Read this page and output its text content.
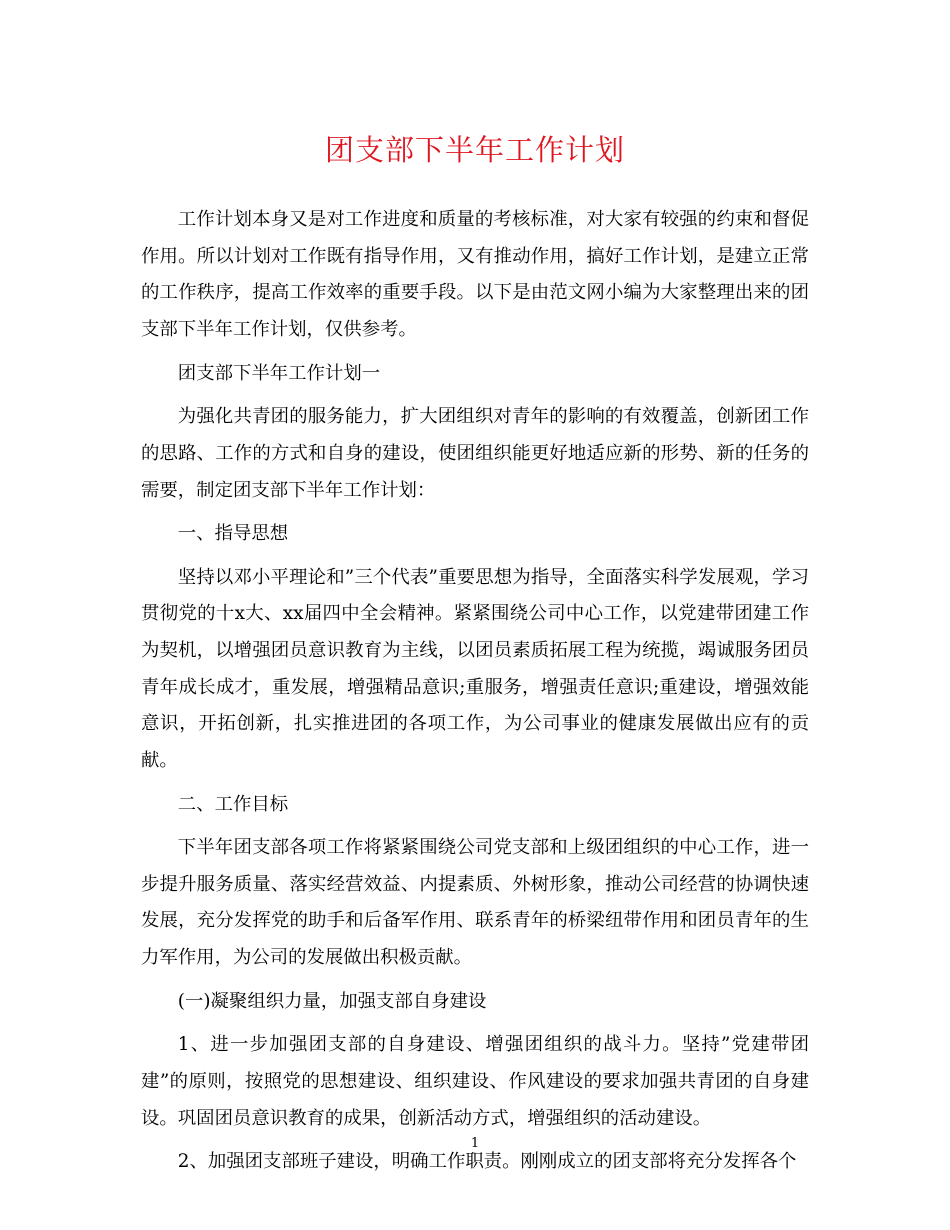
团支部下半年工作计划

工作计划本身又是对工作进度和质量的考核标准，对大家有较强的约束和督促作用。所以计划对工作既有指导作用，又有推动作用，搞好工作计划，是建立正常的工作秩序，提高工作效率的重要手段。以下是由范文网小编为大家整理出来的团支部下半年工作计划，仅供参考。

团支部下半年工作计划一

为强化共青团的服务能力，扩大团组织对青年的影响的有效覆盖，创新团工作的思路、工作的方式和自身的建设，使团组织能更好地适应新的形势、新的任务的需要，制定团支部下半年工作计划：

一、指导思想

坚持以邓小平理论和”三个代表”重要思想为指导，全面落实科学发展观，学习贯彻党的十x大、xx届四中全会精神。紧紧围绕公司中心工作，以党建带团建工作为契机，以增强团员意识教育为主线，以团员素质拓展工程为统揽，竭诚服务团员青年成长成才，重发展，增强精品意识;重服务，增强责任意识;重建设，增强效能意识，开拓创新，扎实推进团的各项工作，为公司事业的健康发展做出应有的贡献。

二、工作目标

下半年团支部各项工作将紧紧围绕公司党支部和上级团组织的中心工作，进一步提升服务质量、落实经营效益、内提素质、外树形象，推动公司经营的协调快速发展，充分发挥党的助手和后备军作用、联系青年的桥梁纽带作用和团员青年的生力军作用，为公司的发展做出积极贡献。

(一)凝聚组织力量，加强支部自身建设

1、进一步加强团支部的自身建设、增强团组织的战斗力。坚持”党建带团建”的原则，按照党的思想建设、组织建设、作风建设的要求加强共青团的自身建设。巩固团员意识教育的成果，创新活动方式，增强组织的活动建设。

2、加强团支部班子建设，明确工作职责。刚刚成立的团支部将充分发挥各个

1
